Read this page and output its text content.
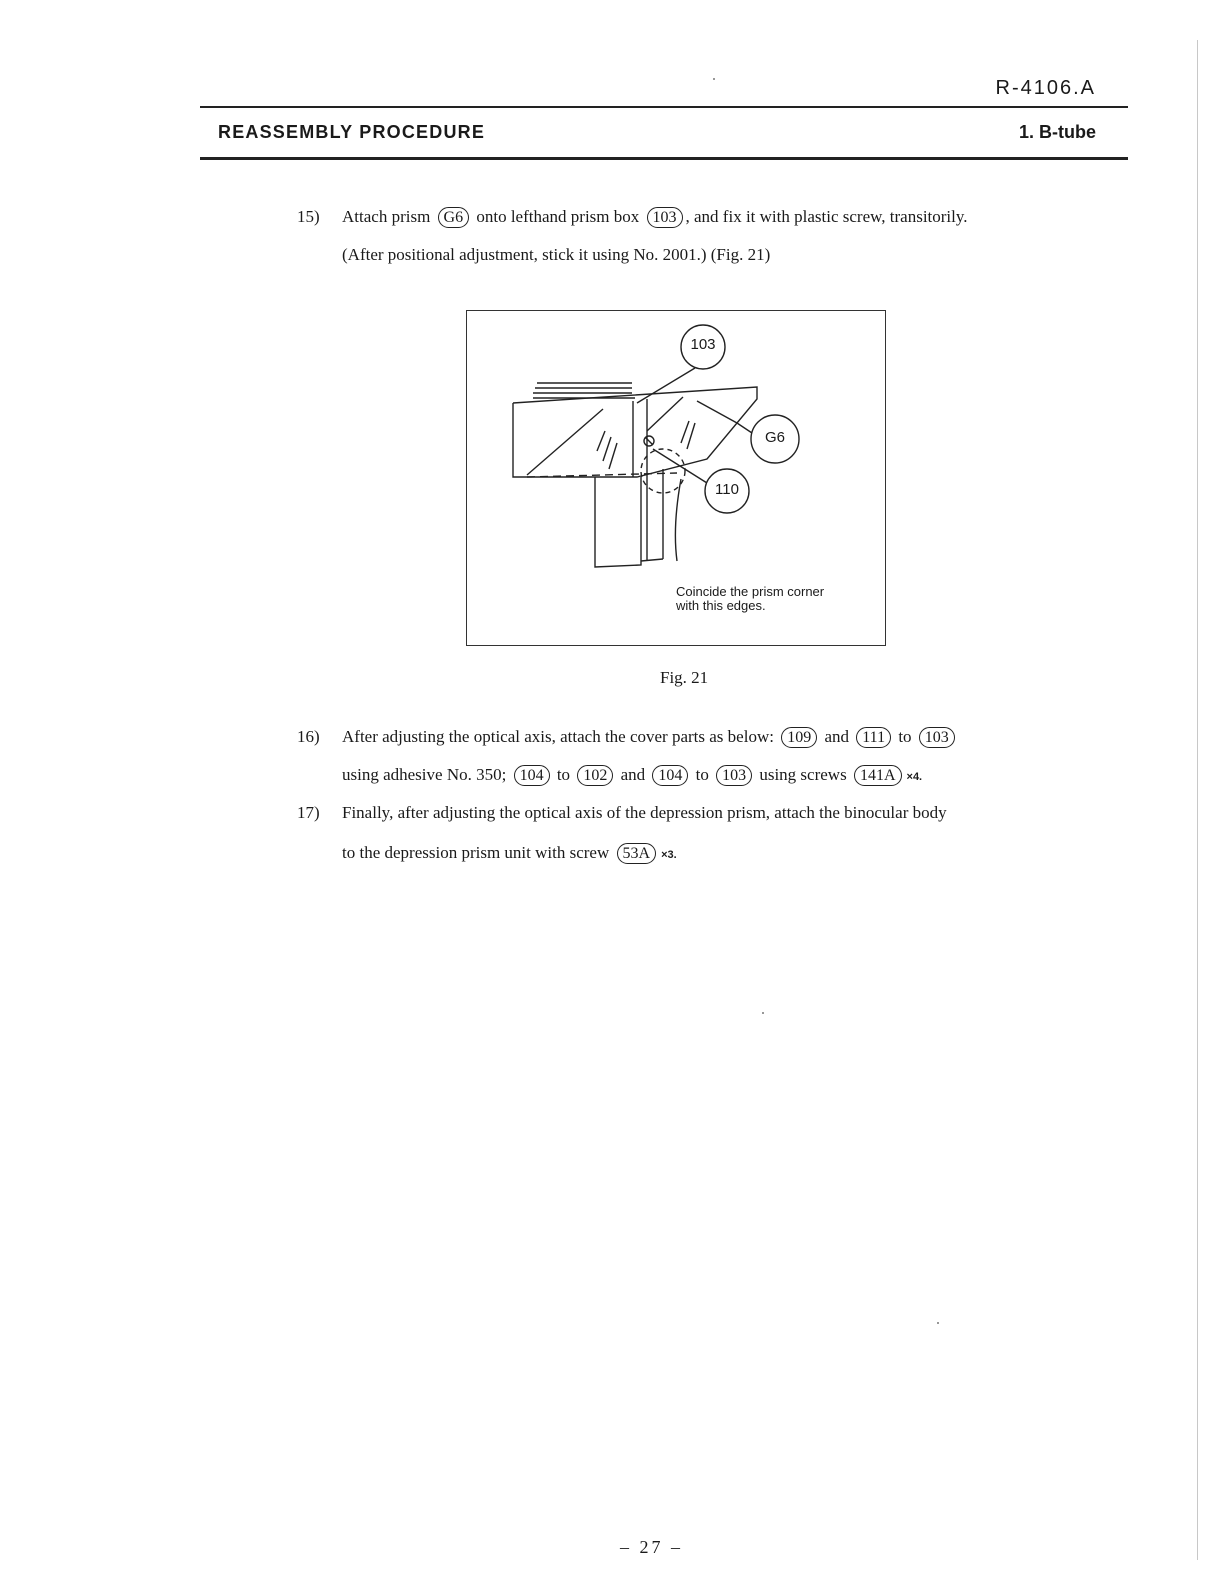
R-4106.A
REASSEMBLY PROCEDURE	1. B-tube
15) Attach prism G6 onto lefthand prism box 103 , and fix it with plastic screw, transitorily.
(After positional adjustment, stick it using No. 2001.) (Fig. 21)
103
G6
110
Coincide the prism corner
with this edges.
Fig. 21
16) After adjusting the optical axis, attach the cover parts as below: 109 and 111 to 103
using adhesive No. 350; 104 to 102 and 104 to 103 using screws 141A ×4.
17) Finally, after adjusting the optical axis of the depression prism, attach the binocular body
to the depression prism unit with screw 53A ×3.
– 27 –
